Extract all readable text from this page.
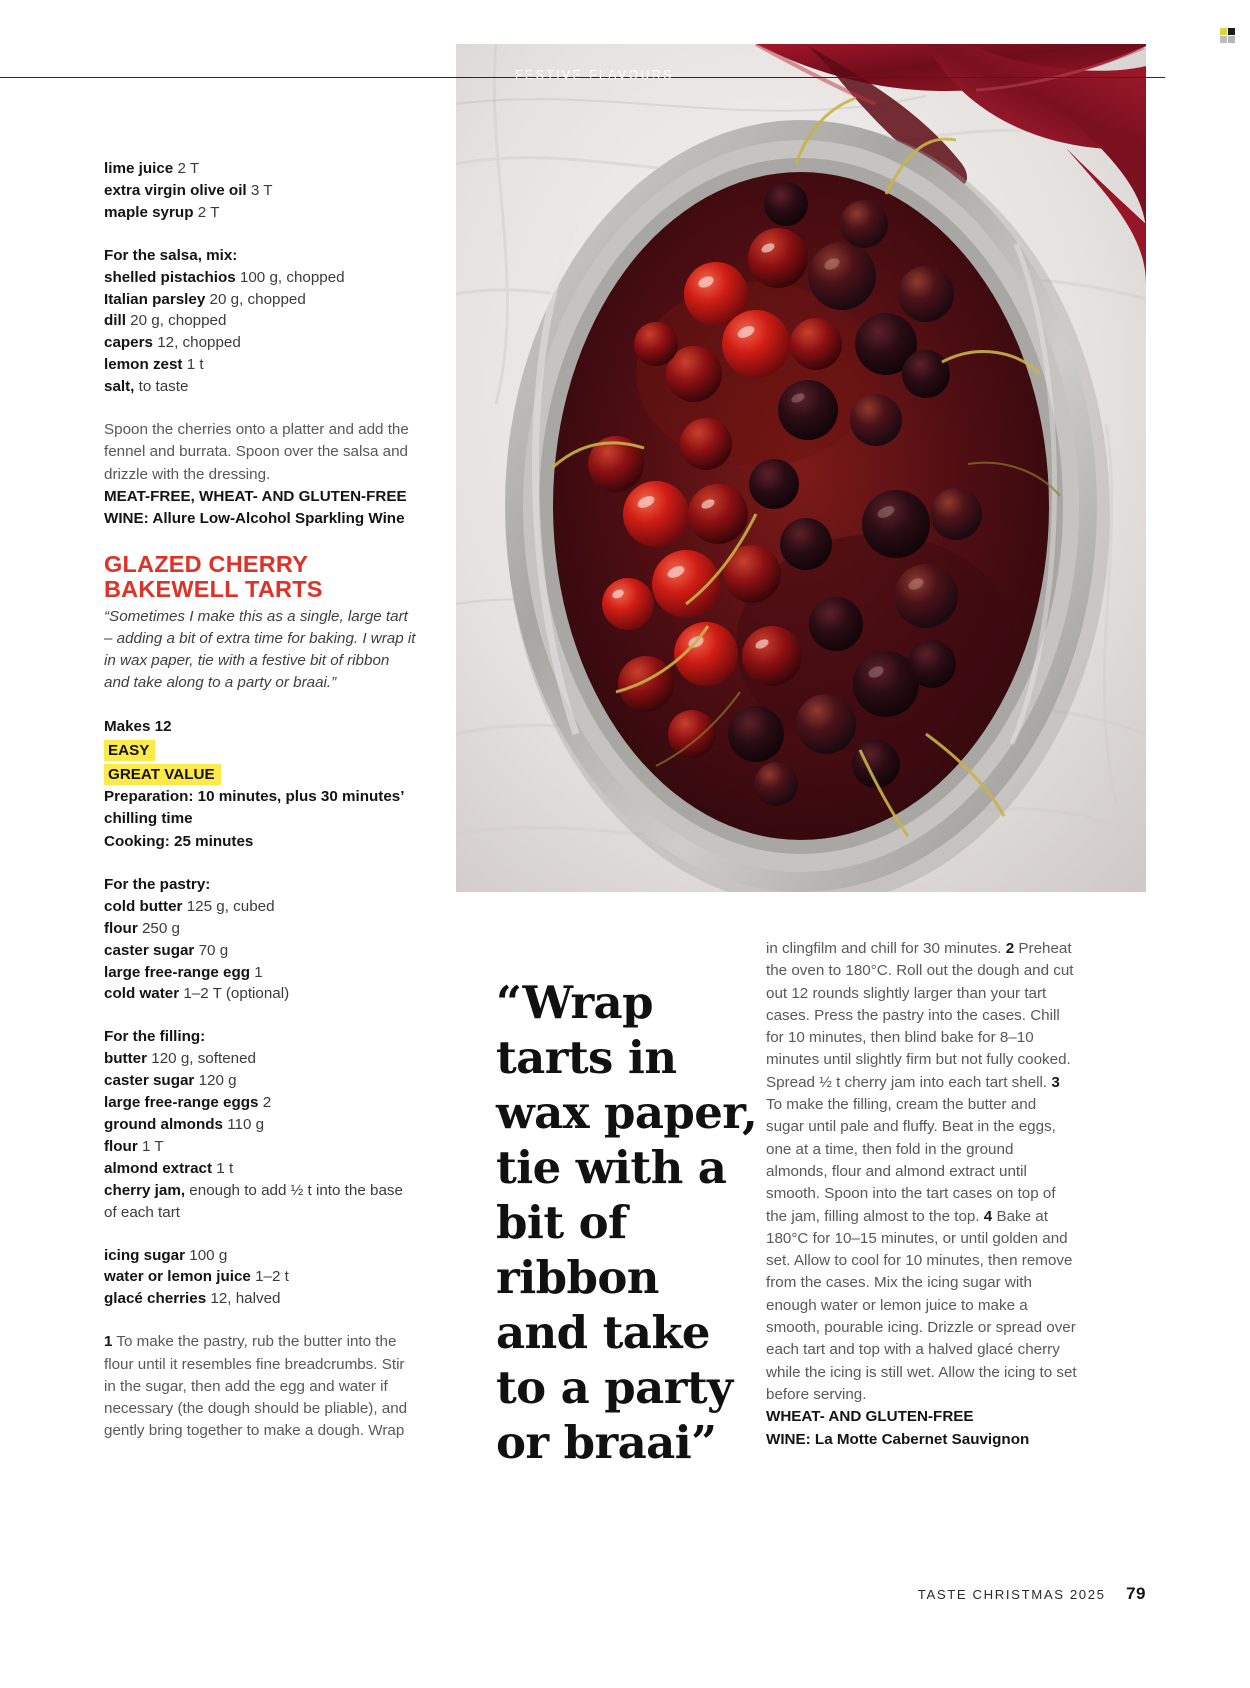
FESTIVE FLAVOURS
lime juice 2 T
extra virgin olive oil 3 T
maple syrup 2 T
For the salsa, mix:
shelled pistachios 100 g, chopped
Italian parsley 20 g, chopped
dill 20 g, chopped
capers 12, chopped
lemon zest 1 t
salt, to taste

Spoon the cherries onto a platter and add the fennel and burrata. Spoon over the salsa and drizzle with the dressing.

MEAT-FREE, WHEAT- AND GLUTEN-FREE
WINE: Allure Low-Alcohol Sparkling Wine
GLAZED CHERRY BAKEWELL TARTS

“Sometimes I make this as a single, large tart – adding a bit of extra time for baking. I wrap it in wax paper, tie with a festive bit of ribbon and take along to a party or braai.”

Makes 12
EASY
GREAT VALUE
Preparation: 10 minutes, plus 30 minutes’ chilling time
Cooking: 25 minutes
For the pastry:
cold butter 125 g, cubed
flour 250 g
caster sugar 70 g
large free-range egg 1
cold water 1–2 T (optional)
For the filling:
butter 120 g, softened
caster sugar 120 g
large free-range eggs 2
ground almonds 110 g
flour 1 T
almond extract 1 t
cherry jam, enough to add ½ t into the base of each tart
icing sugar 100 g
water or lemon juice 1–2 t
glacé cherries 12, halved

1 To make the pastry, rub the butter into the flour until it resembles fine breadcrumbs. Stir in the sugar, then add the egg and water if necessary (the dough should be pliable), and gently bring together to make a dough. Wrap

“Wrap tarts in wax paper, tie with a bit of ribbon and take to a party or braai”

in clingfilm and chill for 30 minutes. 2 Preheat the oven to 180°C. Roll out the dough and cut out 12 rounds slightly larger than your tart cases. Press the pastry into the cases. Chill for 10 minutes, then blind bake for 8–10 minutes until slightly firm but not fully cooked. Spread ½ t cherry jam into each tart shell. 3 To make the filling, cream the butter and sugar until pale and fluffy. Beat in the eggs, one at a time, then fold in the ground almonds, flour and almond extract until smooth. Spoon into the tart cases on top of the jam, filling almost to the top. 4 Bake at 180°C for 10–15 minutes, or until golden and set. Allow to cool for 10 minutes, then remove from the cases. Mix the icing sugar with enough water or lemon juice to make a smooth, pourable icing. Drizzle or spread over each tart and top with a halved glacé cherry while the icing is still wet. Allow the icing to set before serving.

WHEAT- AND GLUTEN-FREE
WINE: La Motte Cabernet Sauvignon
TASTE CHRISTMAS 2025 79
